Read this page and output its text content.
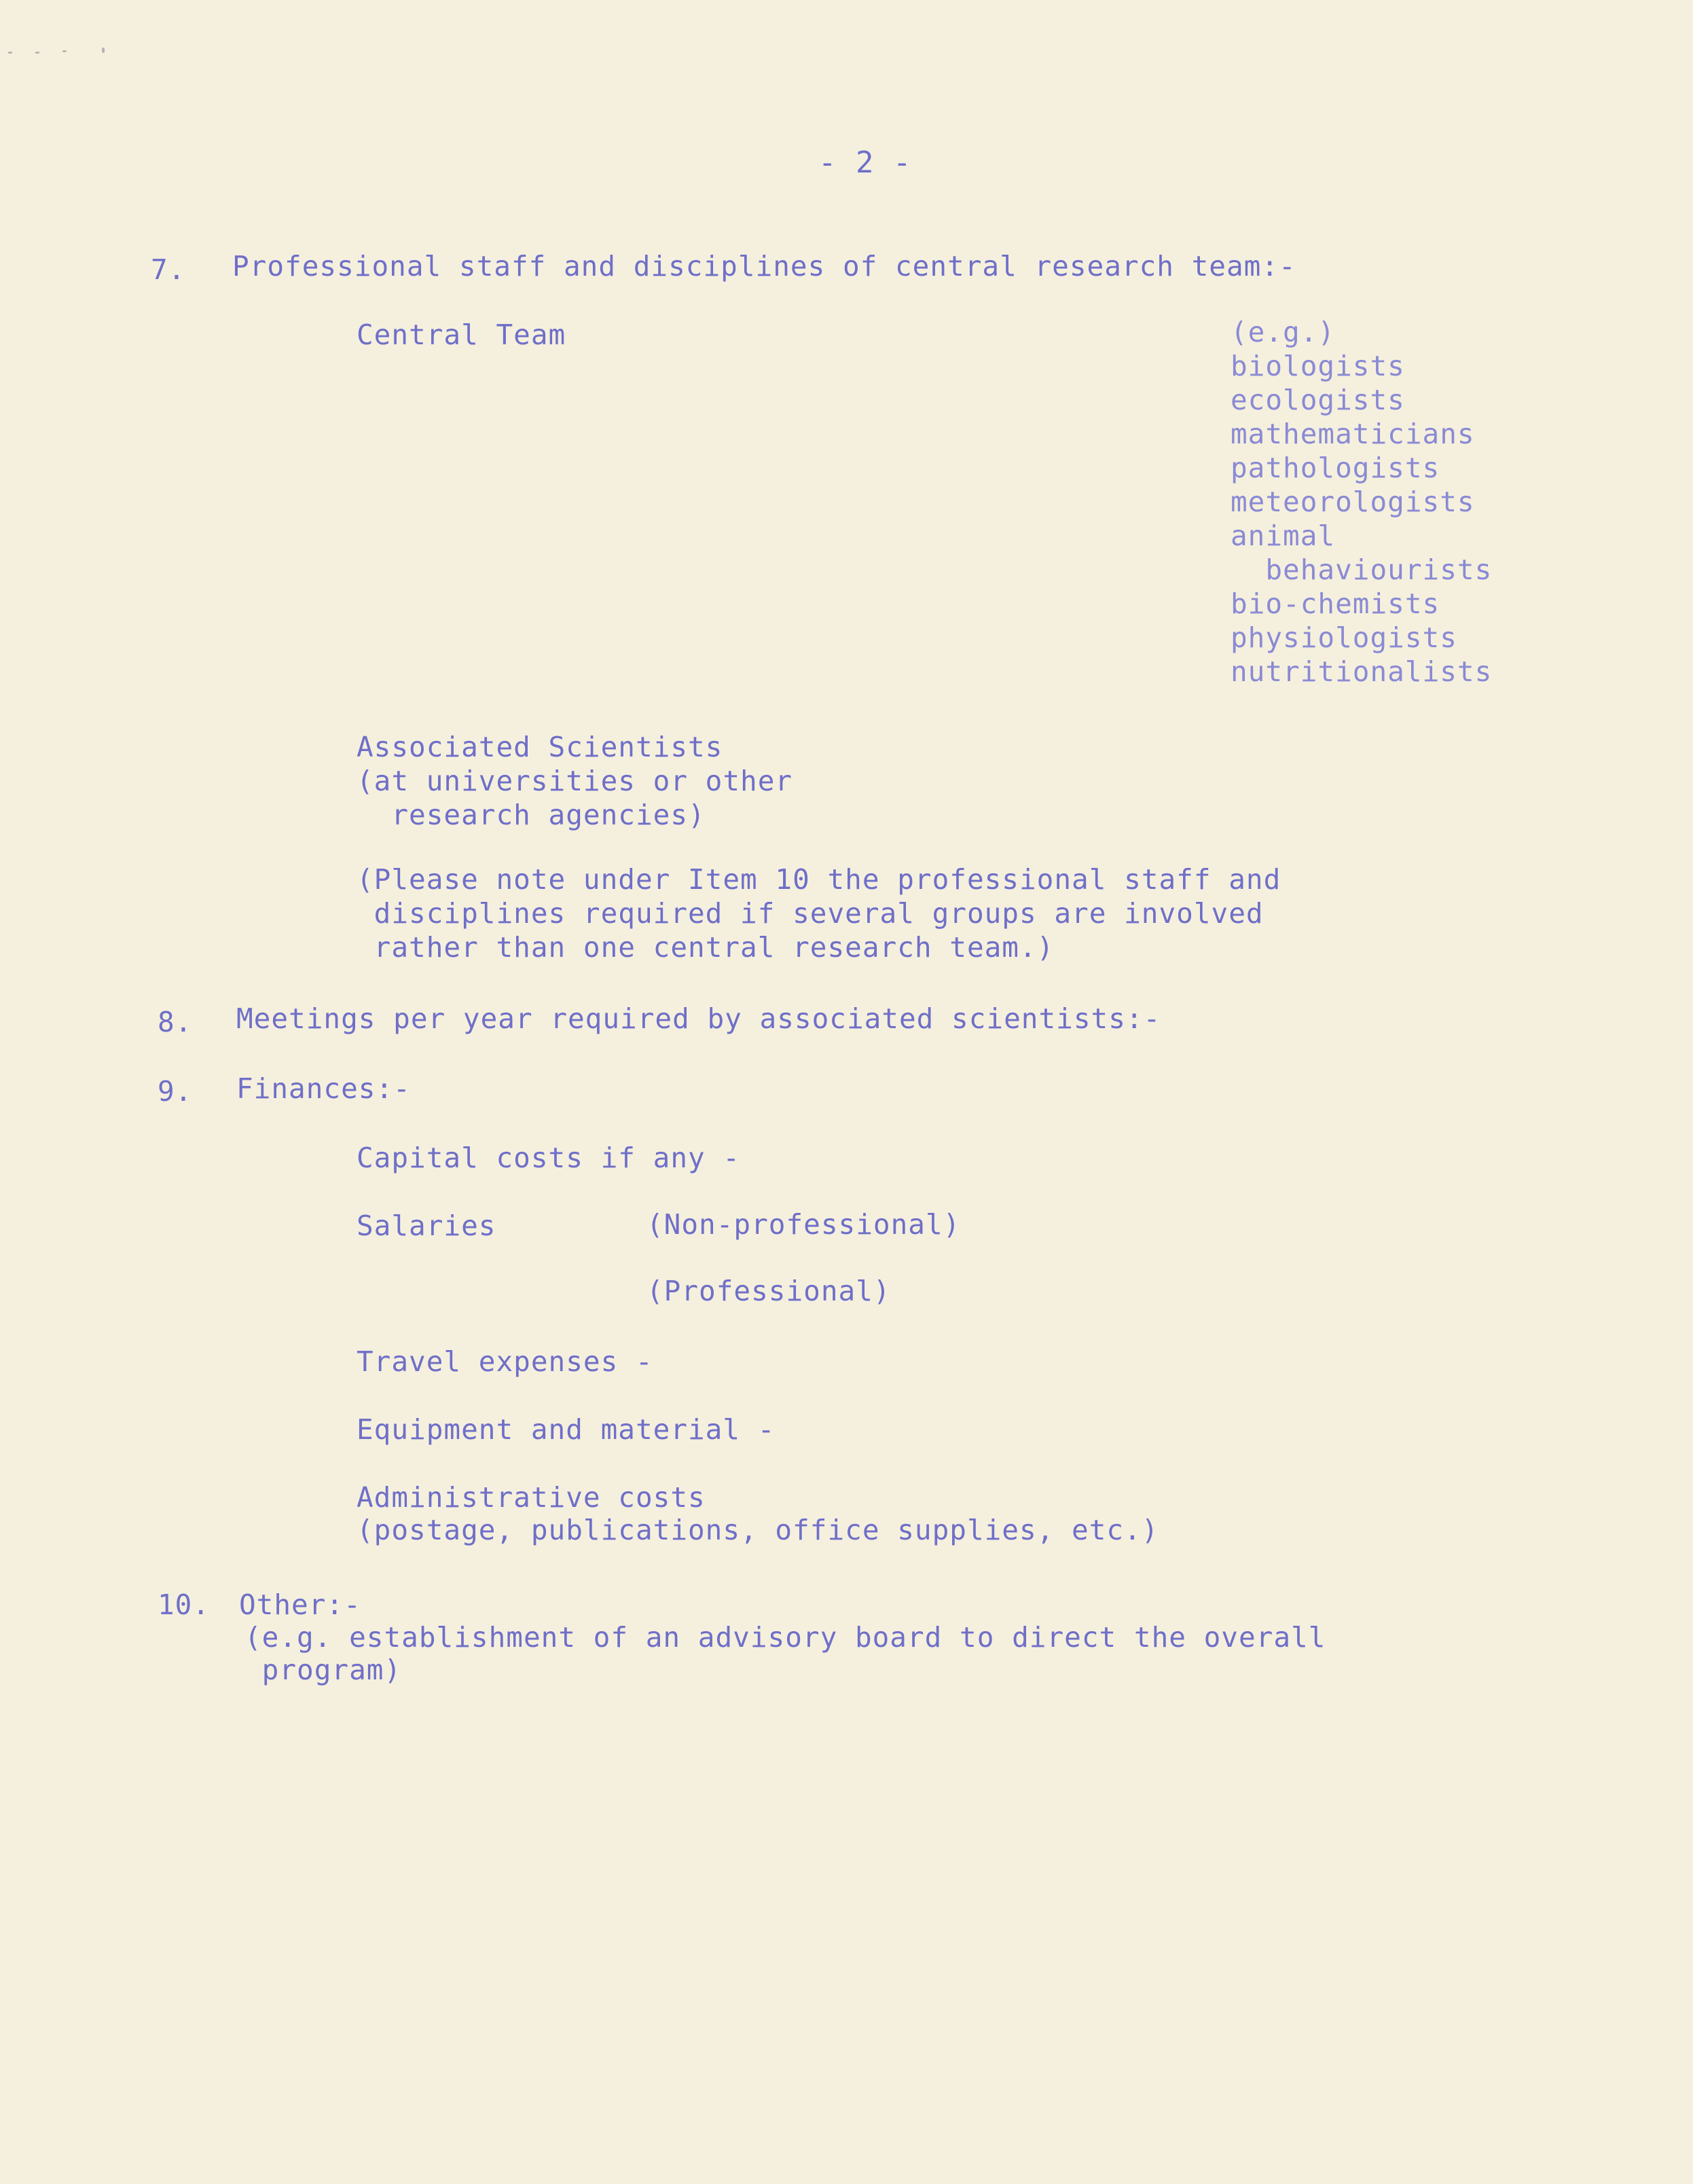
- 2 -
7. Professional staff and disciplines of central research team:-
Central Team	(e.g.)
biologists
ecologists
mathematicians
pathologists
meteorologists
animal
behaviourists
bio-chemists
physiologists
nutritionalists
Associated Scientists
(at universities or other
research agencies)
(Please note under Item 10 the professional staff and
disciplines required if several groups are involved
rather than one central research team.)
8. Meetings per year required by associated scientists:-
9. Finances:-
Capital costs if any -
Salaries	(Non-professional)
(Professional)
Travel expenses -
Equipment and material -
Administrative costs
(postage, publications, office supplies, etc.)
10. Other:-
(e.g. establishment of an advisory board to direct the overall
program)
